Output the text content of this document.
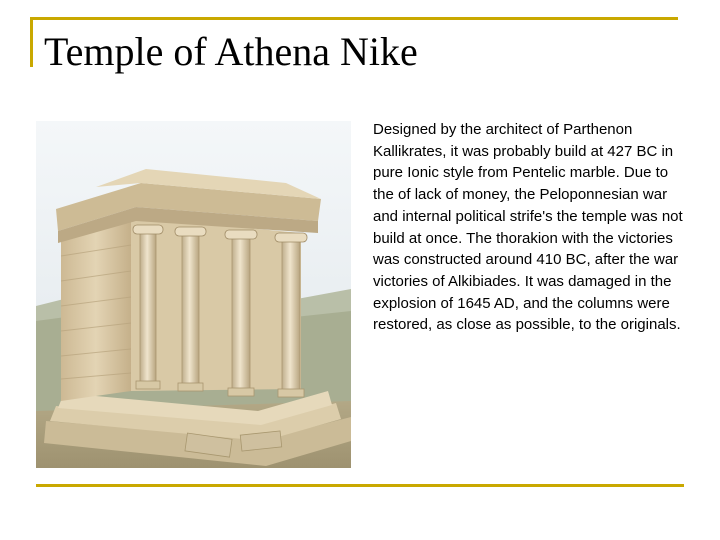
Temple of Athena Nike

Designed by the architect of Parthenon Kallikrates, it was probably build at 427 BC in pure Ionic style from Pentelic marble. Due to the of lack of money, the Peloponnesian war and internal political strife's the temple was not build at once. The thorakion with the victories was constructed around 410 BC, after the war victories of Alkibiades. It was damaged in the explosion of 1645 AD, and the columns were restored, as close as possible, to the originals.
